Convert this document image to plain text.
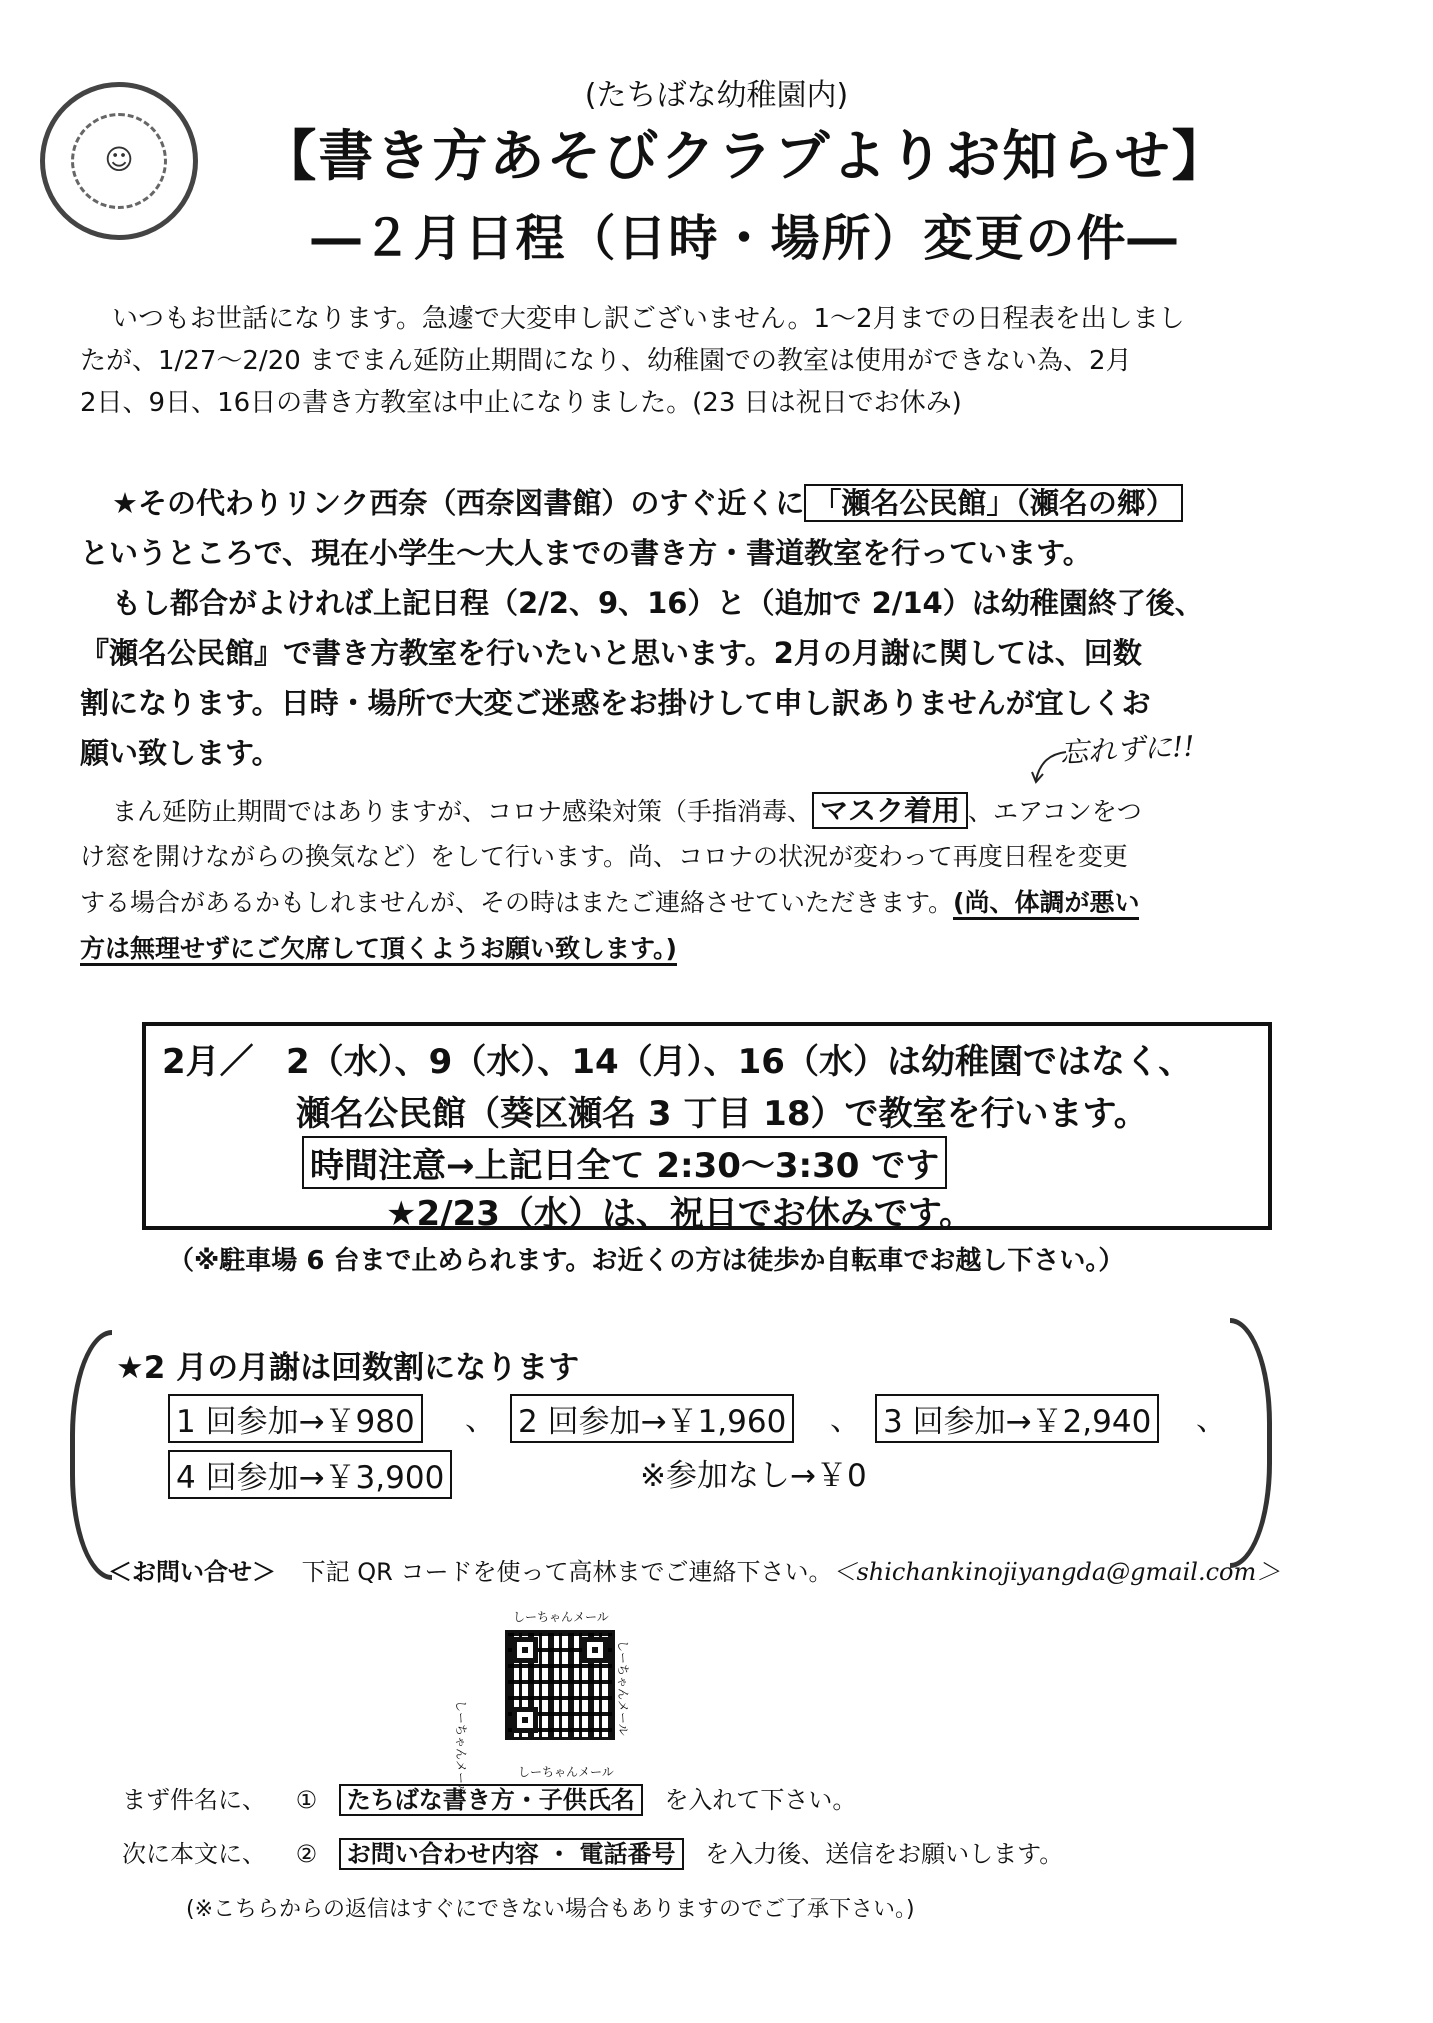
☺
(たちばな幼稚園内)
【書き方あそびクラブよりお知らせ】
―２月日程（日時・場所）変更の件―
いつもお世話になります。急遽で大変申し訳ございません。1～2月までの日程表を出しまし
たが、1/27～2/20 までまん延防止期間になり、幼稚園での教室は使用ができない為、2月
2日、9日、16日の書き方教室は中止になりました。(23 日は祝日でお休み)
★その代わりリンク西奈（西奈図書館）のすぐ近くに 「瀬名公民館」（瀬名の郷）
というところで、現在小学生～大人までの書き方・書道教室を行っています。
もし都合がよければ上記日程（2/2、9、16）と（追加で 2/14）は幼稚園終了後、
『瀬名公民館』で書き方教室を行いたいと思います。2月の月謝に関しては、回数
割になります。日時・場所で大変ご迷惑をお掛けして申し訳ありませんが宜しくお
願い致します。	忘れずに!!
まん延防止期間ではありますが、コロナ感染対策（手指消毒、 マスク着用 、エアコンをつ
け窓を開けながらの換気など）をして行います。尚、コロナの状況が変わって再度日程を変更
する場合があるかもしれませんが、その時はまたご連絡させていただきます。(尚、体調が悪い
方は無理せずにご欠席して頂くようお願い致します。)
2月／ 2（水）、9（水）、14（月）、16（水）は幼稚園ではなく、
瀬名公民館（葵区瀬名 3 丁目 18）で教室を行います。
時間注意→上記日全て 2:30～3:30 です
★2/23（水）は、祝日でお休みです。
（※駐車場 6 台まで止められます。お近くの方は徒歩か自転車でお越し下さい。）
★2 月の月謝は回数割になります
1 回参加→￥980 、 2 回参加→￥1,960 、 3 回参加→￥2,940 、
4 回参加→￥3,900	※参加なし→￥0
＜お問い合せ＞ 下記 QR コードを使って高林までご連絡下さい。＜shichankinojiyangda@gmail.com＞
しーちゃんメール
しーちゃんメール
しーちゃんメール
しーちゃんメール
まず件名に、 ① たちばな書き方・子供氏名 を入れて下さい。
次に本文に、 ② お問い合わせ内容 ・ 電話番号 を入力後、送信をお願いします。
(※こちらからの返信はすぐにできない場合もありますのでご了承下さい。)
